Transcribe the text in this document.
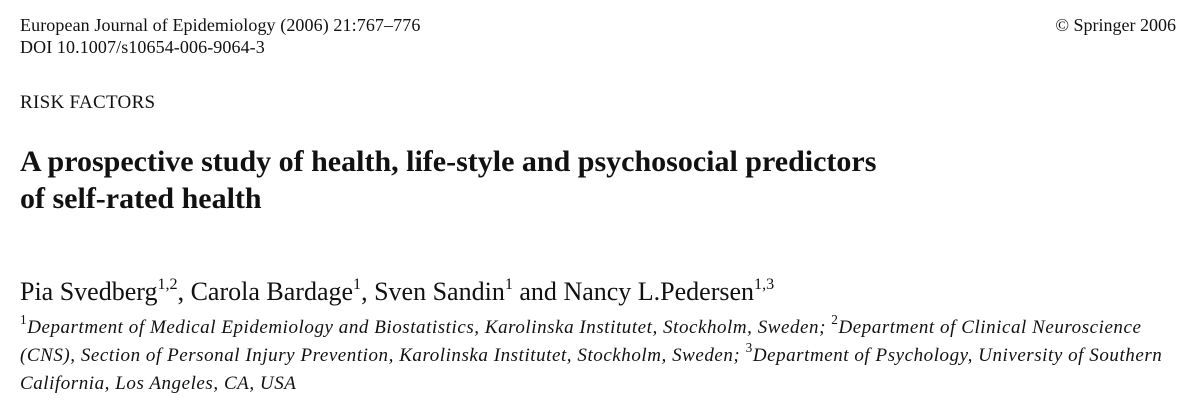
European Journal of Epidemiology (2006) 21:767–776
DOI 10.1007/s10654-006-9064-3
© Springer 2006
RISK FACTORS
A prospective study of health, life-style and psychosocial predictors
of self-rated health
Pia Svedberg$^{1,2}$, Carola Bardage$^1$, Sven Sandin$^1$ and Nancy L.Pedersen$^{1,3}$
$^1$Department of Medical Epidemiology and Biostatistics, Karolinska Institutet, Stockholm, Sweden; $^2$Department of Clinical Neuroscience (CNS), Section of Personal Injury Prevention, Karolinska Institutet, Stockholm, Sweden; $^3$Department of Psychology, University of Southern California, Los Angeles, CA, USA
